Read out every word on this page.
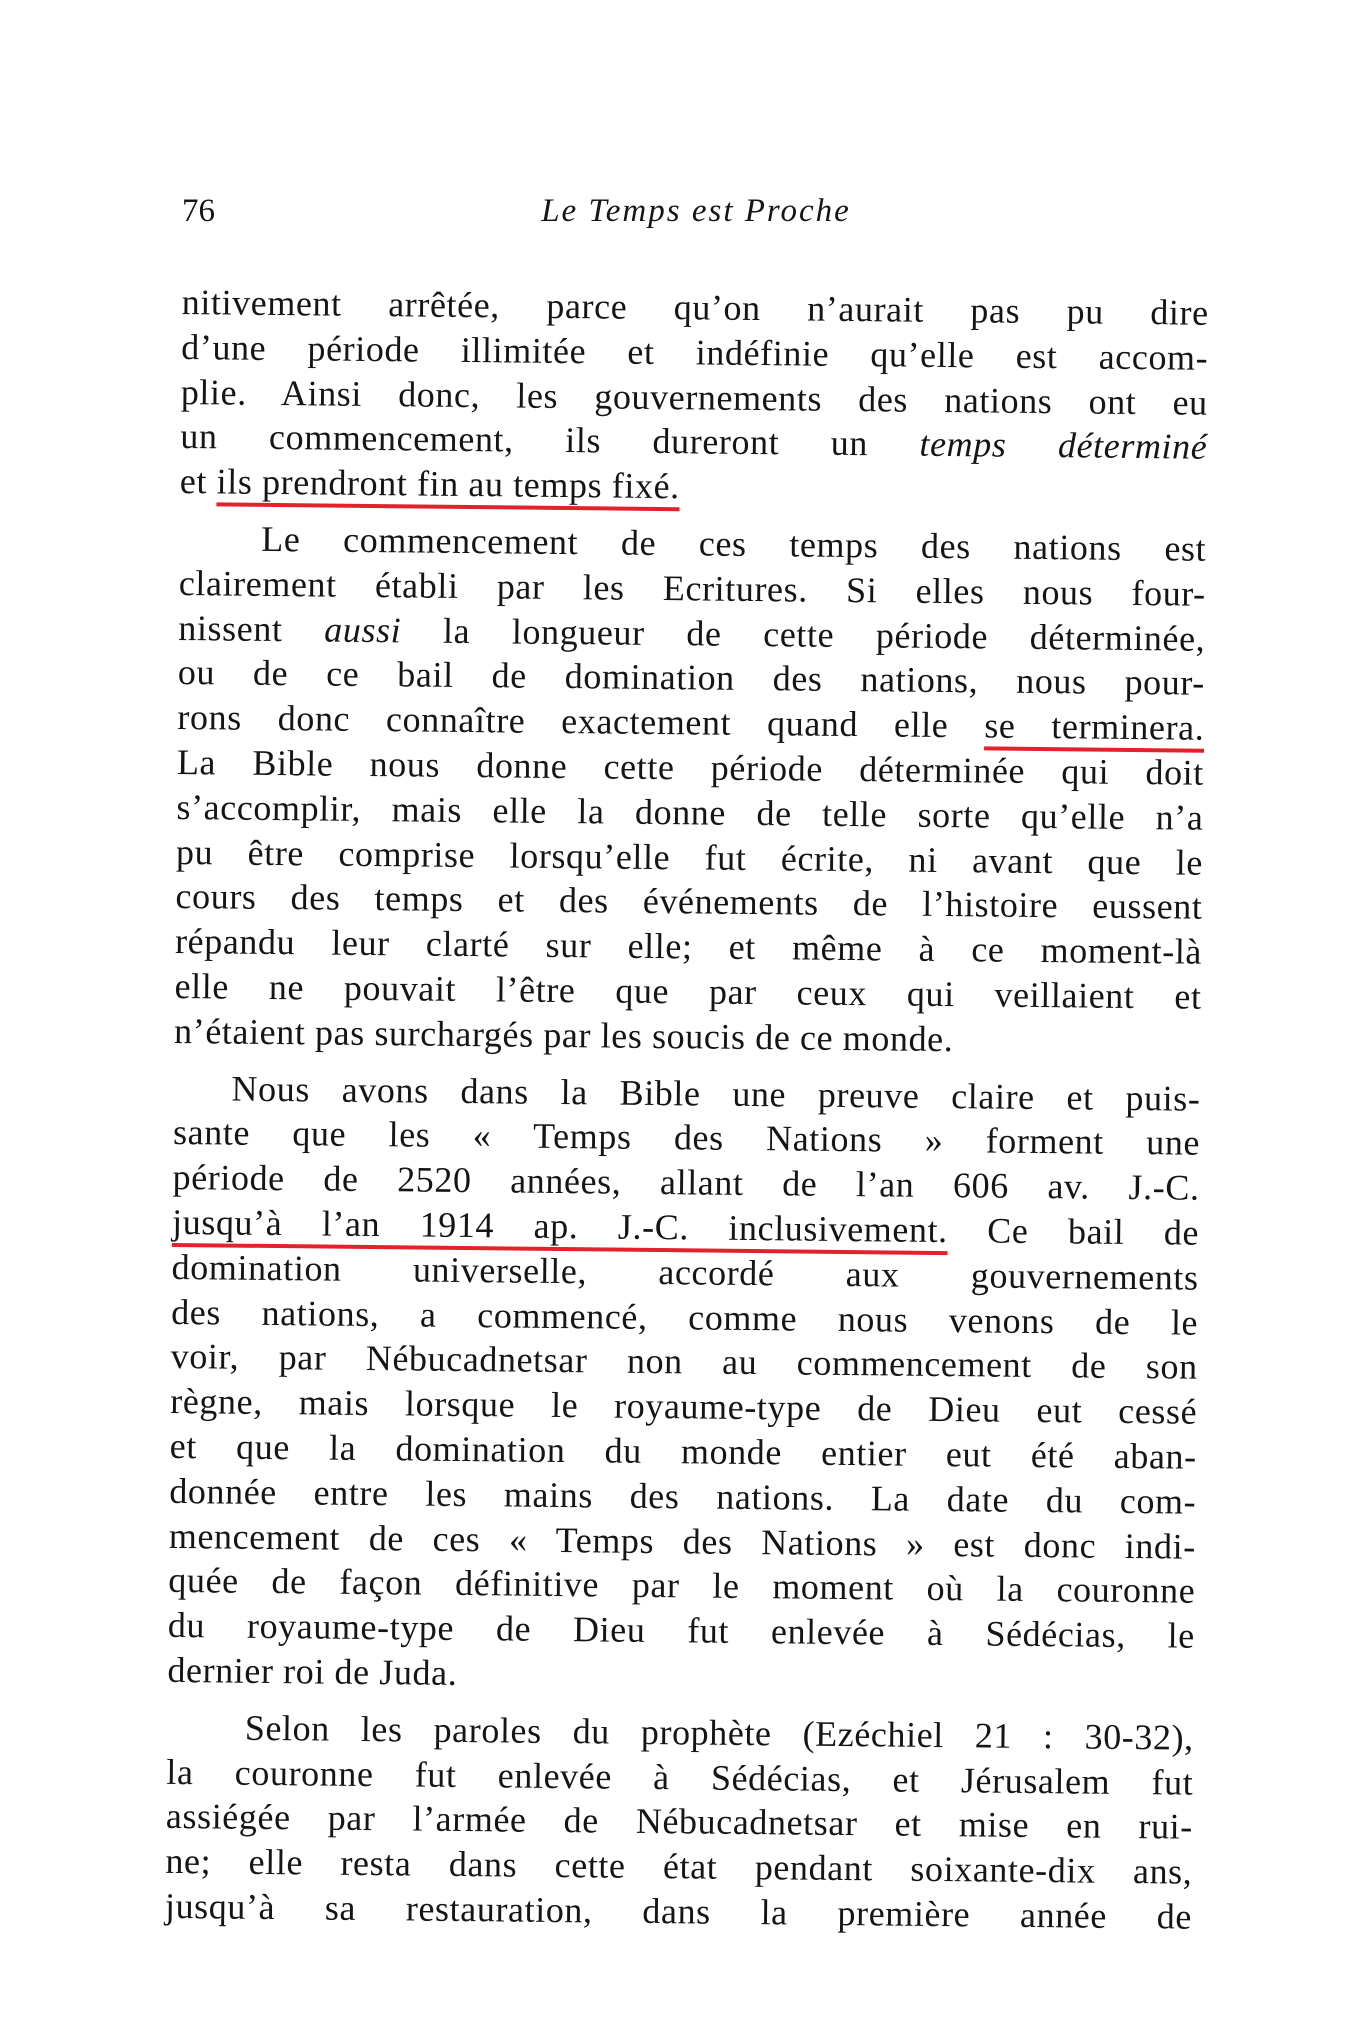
76	Le Temps est Proche
nitivement arrêtée, parce qu’on n’aurait pas pu dire
d’une période illimitée et indéfinie qu’elle est accom-
plie. Ainsi donc, les gouvernements des nations ont eu
un commencement, ils dureront un temps déterminé
et ils prendront fin au temps fixé.
Le commencement de ces temps des nations est
clairement établi par les Ecritures. Si elles nous four-
nissent aussi la longueur de cette période déterminée,
ou de ce bail de domination des nations, nous pour-
rons donc connaître exactement quand elle se terminera.
La Bible nous donne cette période déterminée qui doit
s’accomplir, mais elle la donne de telle sorte qu’elle n’a
pu être comprise lorsqu’elle fut écrite, ni avant que le
cours des temps et des événements de l’histoire eussent
répandu leur clarté sur elle; et même à ce moment-là
elle ne pouvait l’être que par ceux qui veillaient et
n’étaient pas surchargés par les soucis de ce monde.
Nous avons dans la Bible une preuve claire et puis-
sante que les « Temps des Nations » forment une
période de 2520 années, allant de l’an 606 av. J.-C.
jusqu’à l’an 1914 ap. J.-C. inclusivement. Ce bail de
domination universelle, accordé aux gouvernements
des nations, a commencé, comme nous venons de le
voir, par Nébucadnetsar non au commencement de son
règne, mais lorsque le royaume-type de Dieu eut cessé
et que la domination du monde entier eut été aban-
donnée entre les mains des nations. La date du com-
mencement de ces « Temps des Nations » est donc indi-
quée de façon définitive par le moment où la couronne
du royaume-type de Dieu fut enlevée à Sédécias, le
dernier roi de Juda.
Selon les paroles du prophète (Ezéchiel 21 : 30-32),
la couronne fut enlevée à Sédécias, et Jérusalem fut
assiégée par l’armée de Nébucadnetsar et mise en rui-
ne; elle resta dans cette état pendant soixante-dix ans,
jusqu’à sa restauration, dans la première année de
